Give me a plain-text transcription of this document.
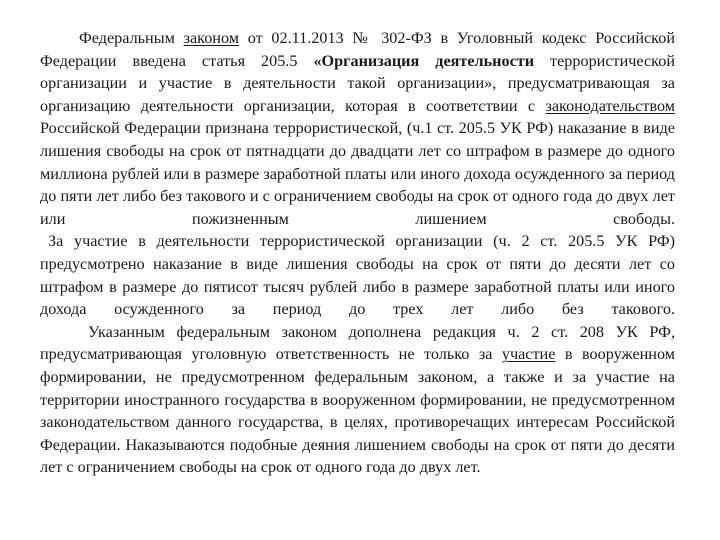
Федеральным законом от 02.11.2013 № 302-ФЗ в Уголовный кодекс Российской Федерации введена статья 205.5 «Организация деятельности террористической организации и участие в деятельности такой организации», предусматривающая за организацию деятельности организации, которая в соответствии с законодательством Российской Федерации признана террористической, (ч.1 ст. 205.5 УК РФ) наказание в виде лишения свободы на срок от пятнадцати до двадцати лет со штрафом в размере до одного миллиона рублей или в размере заработной платы или иного дохода осужденного за период до пяти лет либо без такового и с ограничением свободы на срок от одного года до двух лет или пожизненным лишением свободы.

За участие в деятельности террористической организации (ч. 2 ст. 205.5 УК РФ) предусмотрено наказание в виде лишения свободы на срок от пяти до десяти лет со штрафом в размере до пятисот тысяч рублей либо в размере заработной платы или иного дохода осужденного за период до трех лет либо без такового.

Указанным федеральным законом дополнена редакция ч. 2 ст. 208 УК РФ, предусматривающая уголовную ответственность не только за участие в вооруженном формировании, не предусмотренном федеральным законом, а также и за участие на территории иностранного государства в вооруженном формировании, не предусмотренном законодательством данного государства, в целях, противоречащих интересам Российской Федерации. Наказываются подобные деяния лишением свободы на срок от пяти до десяти лет с ограничением свободы на срок от одного года до двух лет.
